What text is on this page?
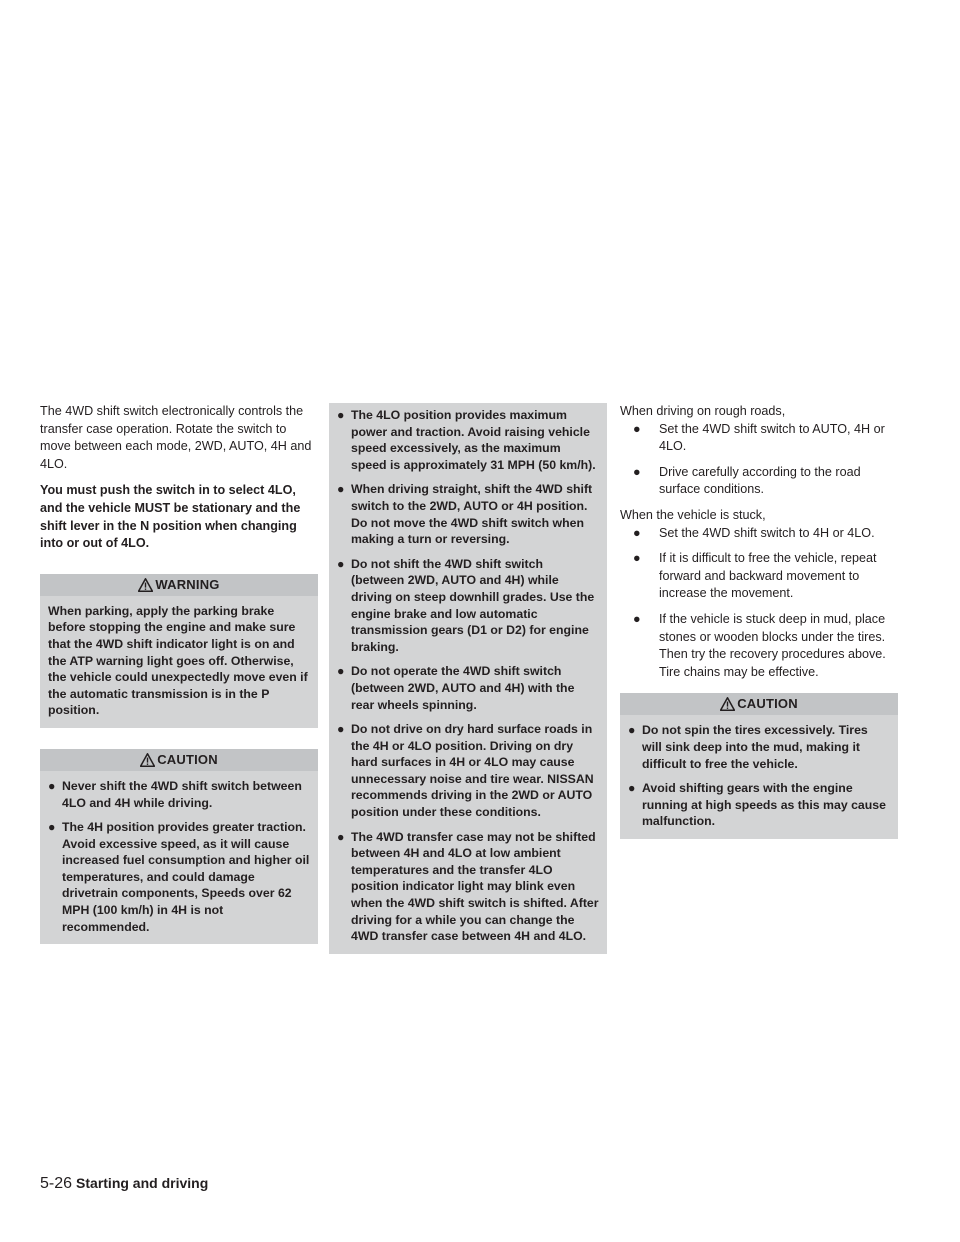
The 4WD shift switch electronically controls the transfer case operation. Rotate the switch to move between each mode, 2WD, AUTO, 4H and 4LO.

You must push the switch in to select 4LO, and the vehicle MUST be stationary and the shift lever in the N position when changing into or out of 4LO.

WARNING
When parking, apply the parking brake before stopping the engine and make sure that the 4WD shift indicator light is on and the ATP warning light goes off. Otherwise, the vehicle could unexpectedly move even if the automatic transmission is in the P position.
CAUTION
● Never shift the 4WD shift switch between 4LO and 4H while driving.
● The 4H position provides greater traction. Avoid excessive speed, as it will cause increased fuel consumption and higher oil temperatures, and could damage drivetrain components, Speeds over 62 MPH (100 km/h) in 4H is not recommended.
● The 4LO position provides maximum power and traction. Avoid raising vehicle speed excessively, as the maximum speed is approximately 31 MPH (50 km/h).
● When driving straight, shift the 4WD shift switch to the 2WD, AUTO or 4H position. Do not move the 4WD shift switch when making a turn or reversing.
● Do not shift the 4WD shift switch (between 2WD, AUTO and 4H) while driving on steep downhill grades. Use the engine brake and low automatic transmission gears (D1 or D2) for engine braking.
● Do not operate the 4WD shift switch (between 2WD, AUTO and 4H) with the rear wheels spinning.
● Do not drive on dry hard surface roads in the 4H or 4LO position. Driving on dry hard surfaces in 4H or 4LO may cause unnecessary noise and tire wear. NISSAN recommends driving in the 2WD or AUTO position under these conditions.
● The 4WD transfer case may not be shifted between 4H and 4LO at low ambient temperatures and the transfer 4LO position indicator light may blink even when the 4WD shift switch is shifted. After driving for a while you can change the 4WD transfer case between 4H and 4LO.

When driving on rough roads,

● Set the 4WD shift switch to AUTO, 4H or 4LO.
● Drive carefully according to the road surface conditions.

When the vehicle is stuck,

● Set the 4WD shift switch to 4H or 4LO.
● If it is difficult to free the vehicle, repeat forward and backward movement to increase the movement.
● If the vehicle is stuck deep in mud, place stones or wooden blocks under the tires. Then try the recovery procedures above. Tire chains may be effective.
CAUTION
● Do not spin the tires excessively. Tires will sink deep into the mud, making it difficult to free the vehicle.
● Avoid shifting gears with the engine running at high speeds as this may cause malfunction.
5-26 Starting and driving
